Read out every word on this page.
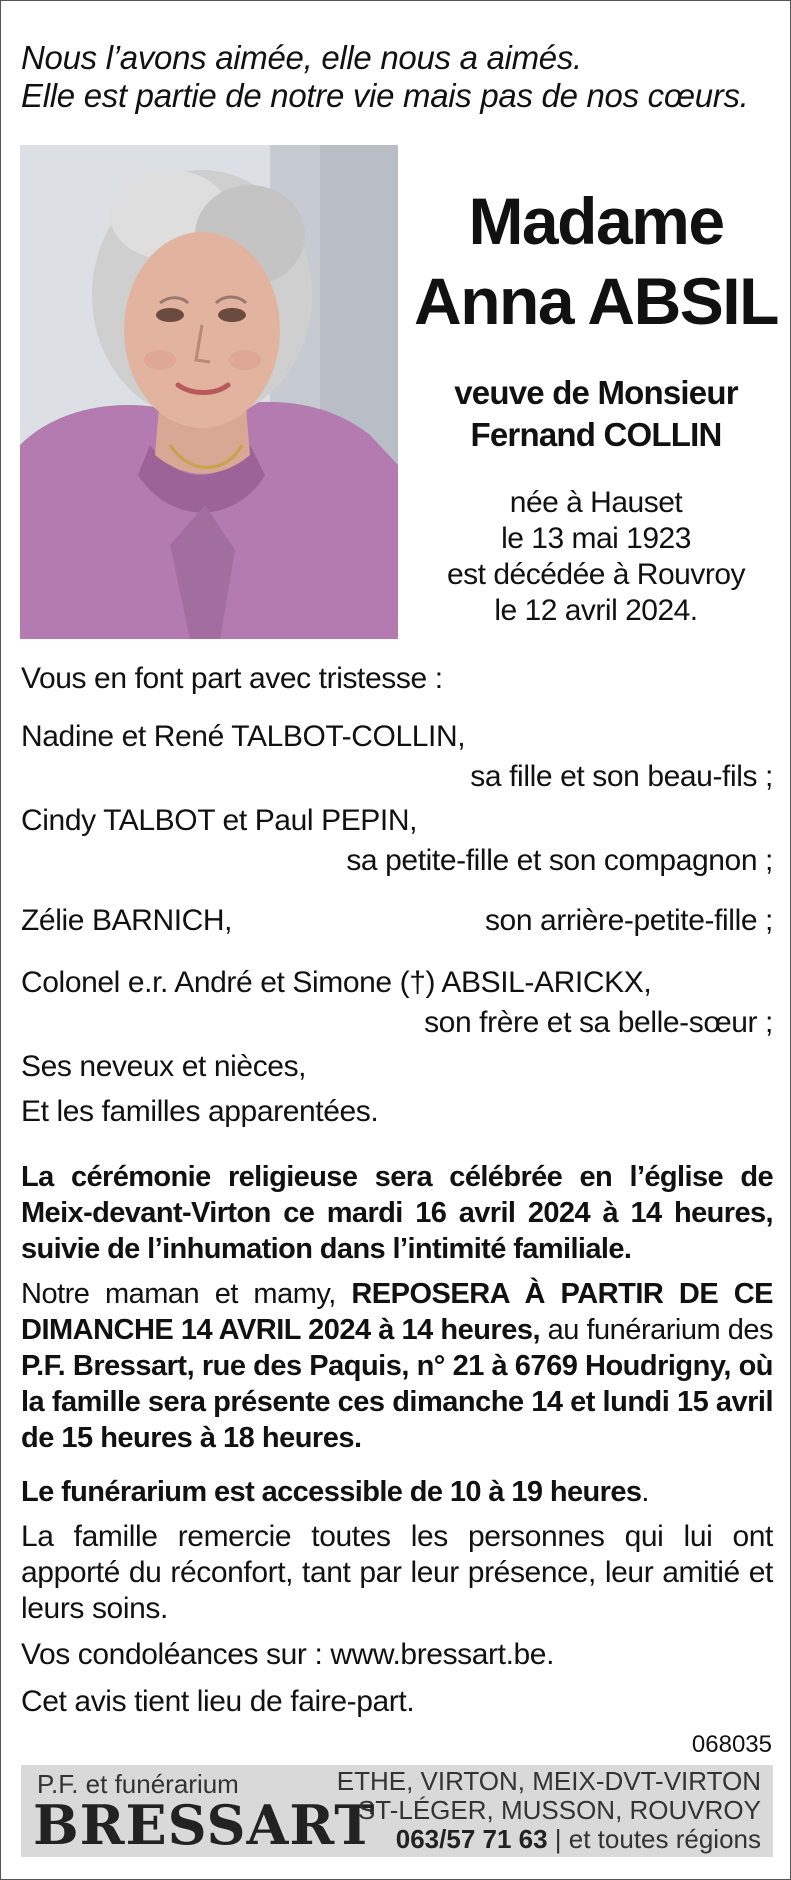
Nous l’avons aimée, elle nous a aimés.
Elle est partie de notre vie mais pas de nos cœurs.
Madame
Anna ABSIL
veuve de Monsieur
Fernand COLLIN
née à Hauset
le 13 mai 1923
est décédée à Rouvroy
le 12 avril 2024.
Vous en font part avec tristesse :
Nadine et René TALBOT-COLLIN,
sa fille et son beau-fils ;
Cindy TALBOT et Paul PEPIN,
sa petite-fille et son compagnon ;
Zélie BARNICH,	son arrière-petite-fille ;
Colonel e.r. André et Simone (†) ABSIL-ARICKX,
son frère et sa belle-sœur ;
Ses neveux et nièces,
Et les familles apparentées.
La cérémonie religieuse sera célébrée en l’église de Meix-devant-Virton ce mardi 16 avril 2024 à 14 heures, suivie de l’inhumation dans l’intimité familiale.
Notre maman et mamy, REPOSERA À PARTIR DE CE DIMANCHE 14 AVRIL 2024 à 14 heures, au funérarium des P.F. Bressart, rue des Paquis, n° 21 à 6769 Houdrigny, où la famille sera présente ces dimanche 14 et lundi 15 avril de 15 heures à 18 heures.
Le funérarium est accessible de 10 à 19 heures.
La famille remercie toutes les personnes qui lui ont apporté du réconfort, tant par leur présence, leur amitié et leurs soins.
Vos condoléances sur : www.bressart.be.
Cet avis tient lieu de faire-part.
068035
P.F. et funérarium
BRESSART
ETHE, VIRTON, MEIX-DVT-VIRTON
ST-LÉGER, MUSSON, ROUVROY
063/57 71 63 | et toutes régions
